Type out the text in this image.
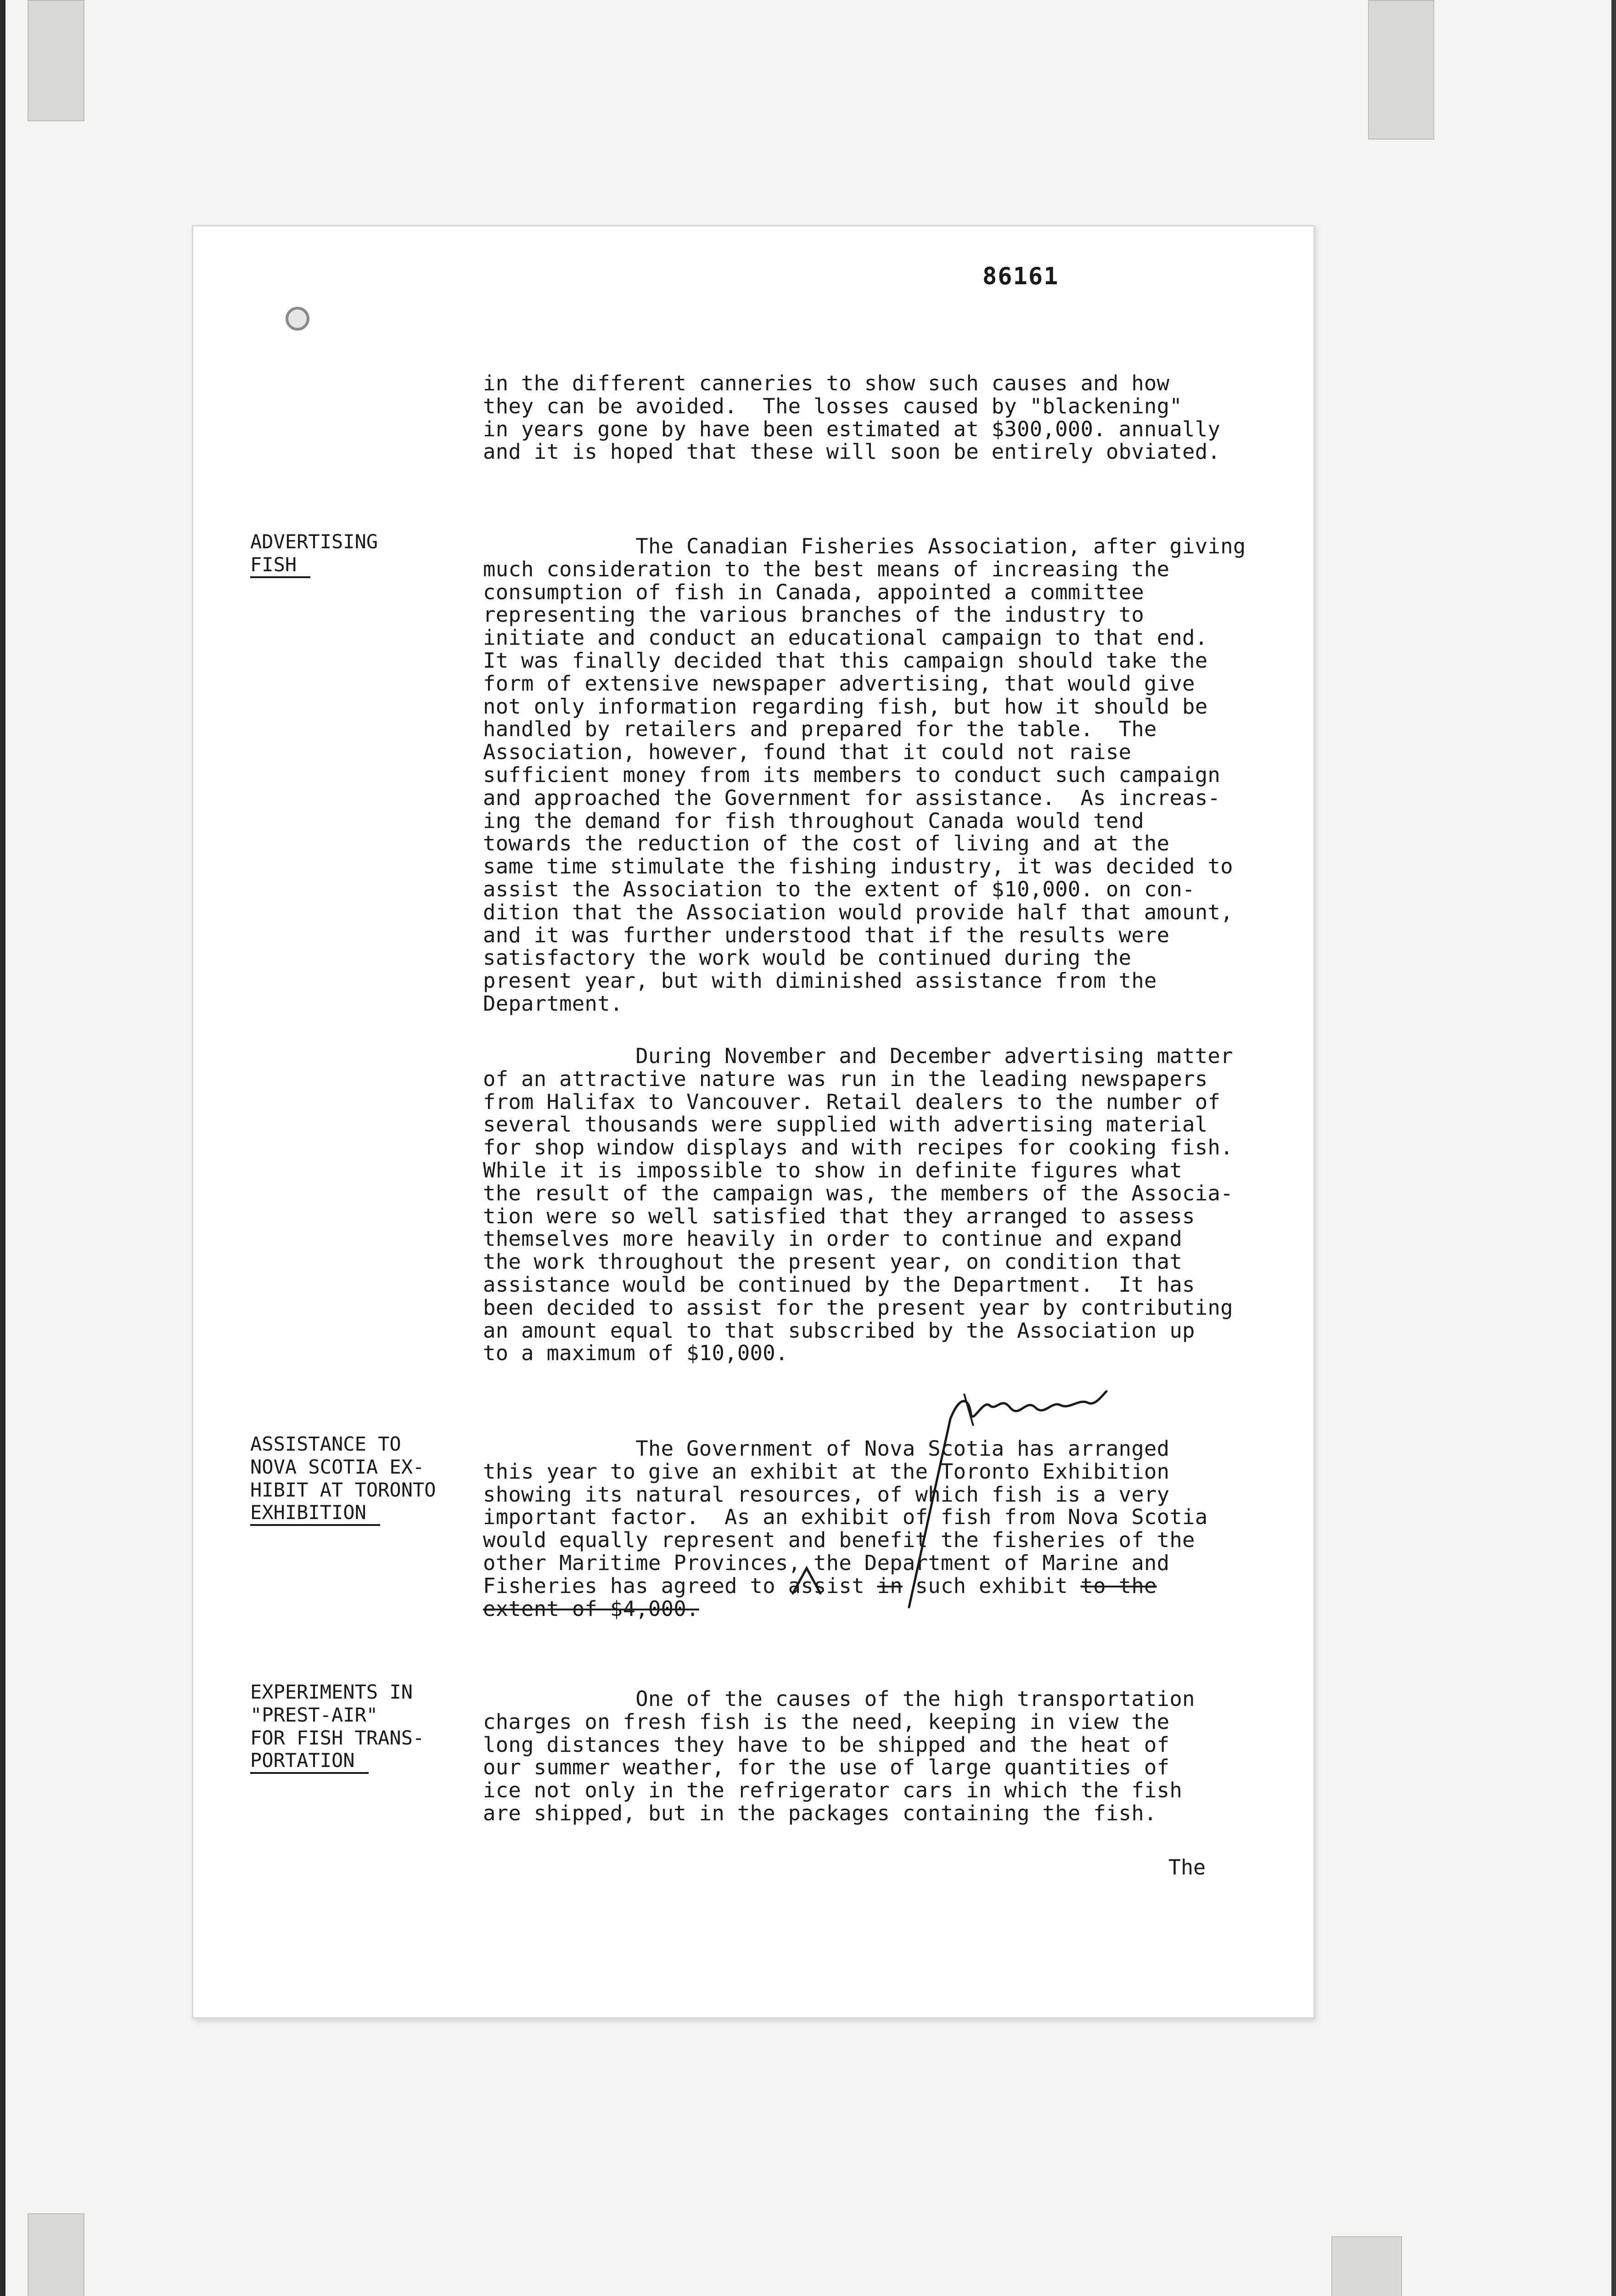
86161
in the different canneries to show such causes and how
they can be avoided.  The losses caused by "blackening"
in years gone by have been estimated at $300,000. annually
and it is hoped that these will soon be entirely obviated.
ADVERTISING
FISH
The Canadian Fisheries Association, after giving
much consideration to the best means of increasing the
consumption of fish in Canada, appointed a committee
representing the various branches of the industry to
initiate and conduct an educational campaign to that end.
It was finally decided that this campaign should take the
form of extensive newspaper advertising, that would give
not only information regarding fish, but how it should be
handled by retailers and prepared for the table.  The
Association, however, found that it could not raise
sufficient money from its members to conduct such campaign
and approached the Government for assistance.  As increas-
ing the demand for fish throughout Canada would tend
towards the reduction of the cost of living and at the
same time stimulate the fishing industry, it was decided to
assist the Association to the extent of $10,000. on con-
dition that the Association would provide half that amount,
and it was further understood that if the results were
satisfactory the work would be continued during the
present year, but with diminished assistance from the
Department.
During November and December advertising matter
of an attractive nature was run in the leading newspapers
from Halifax to Vancouver. Retail dealers to the number of
several thousands were supplied with advertising material
for shop window displays and with recipes for cooking fish.
While it is impossible to show in definite figures what
the result of the campaign was, the members of the Associa-
tion were so well satisfied that they arranged to assess
themselves more heavily in order to continue and expand
the work throughout the present year, on condition that
assistance would be continued by the Department.  It has
been decided to assist for the present year by contributing
an amount equal to that subscribed by the Association up
to a maximum of $10,000.
ASSISTANCE TO
NOVA SCOTIA EX-
HIBIT AT TORONTO
EXHIBITION
The Government of Nova Scotia has arranged
this year to give an exhibit at the Toronto Exhibition
showing its natural resources, of which fish is a very
important factor.  As an exhibit of fish from Nova Scotia
would equally represent and benefit the fisheries of the
other Maritime Provinces, the Department of Marine and
Fisheries has agreed to assist in such exhibit to the
extent of $4,000.
EXPERIMENTS IN
"PREST-AIR"
FOR FISH TRANS-
PORTATION
One of the causes of the high transportation
charges on fresh fish is the need, keeping in view the
long distances they have to be shipped and the heat of
our summer weather, for the use of large quantities of
ice not only in the refrigerator cars in which the fish
are shipped, but in the packages containing the fish.
The
